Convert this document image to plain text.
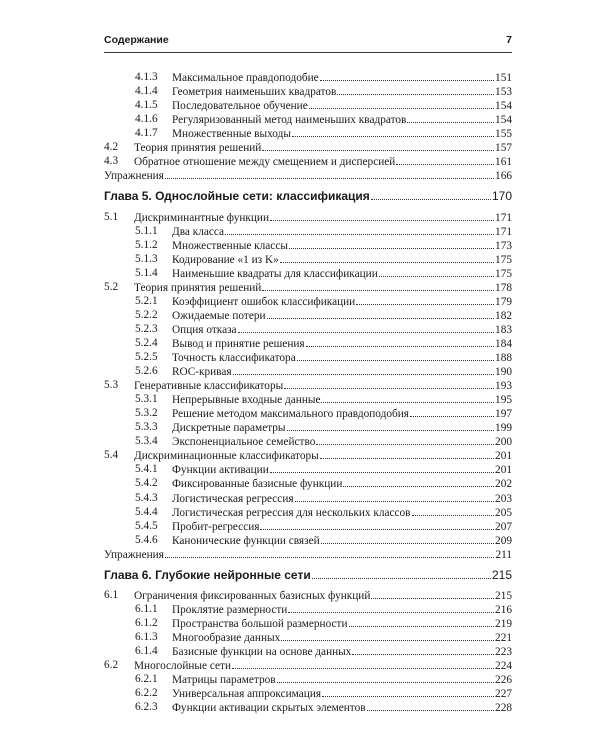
Содержание	7
4.1.3 Максимальное правдоподобие	151
4.1.4 Геометрия наименьших квадратов	153
4.1.5 Последовательное обучение	154
4.1.6 Регуляризованный метод наименьших квадратов	154
4.1.7 Множественные выходы	155
4.2 Теория принятия решений	157
4.3 Обратное отношение между смещением и дисперсией	161
Упражнения	166
Глава 5. Однослойные сети: классификация	170
5.1 Дискриминантные функции	171
5.1.1 Два класса	171
5.1.2 Множественные классы	173
5.1.3 Кодирование «1 из K»	175
5.1.4 Наименьшие квадраты для классификации	175
5.2 Теория принятия решений	178
5.2.1 Коэффициент ошибок классификации	179
5.2.2 Ожидаемые потери	182
5.2.3 Опция отказа	183
5.2.4 Вывод и принятие решения	184
5.2.5 Точность классификатора	188
5.2.6 ROC-кривая	190
5.3 Генеративные классификаторы	193
5.3.1 Непрерывные входные данные	195
5.3.2 Решение методом максимального правдоподобия	197
5.3.3 Дискретные параметры	199
5.3.4 Экспоненциальное семейство	200
5.4 Дискриминационные классификаторы	201
5.4.1 Функции активации	201
5.4.2 Фиксированные базисные функции	202
5.4.3 Логистическая регрессия	203
5.4.4 Логистическая регрессия для нескольких классов	205
5.4.5 Пробит-регрессия	207
5.4.6 Канонические функции связей	209
Упражнения	211
Глава 6. Глубокие нейронные сети	215
6.1 Ограничения фиксированных базисных функций	215
6.1.1 Проклятие размерности	216
6.1.2 Пространства большой размерности	219
6.1.3 Многообразие данных	221
6.1.4 Базисные функции на основе данных	223
6.2 Многослойные сети	224
6.2.1 Матрицы параметров	226
6.2.2 Универсальная аппроксимация	227
6.2.3 Функции активации скрытых элементов	228
